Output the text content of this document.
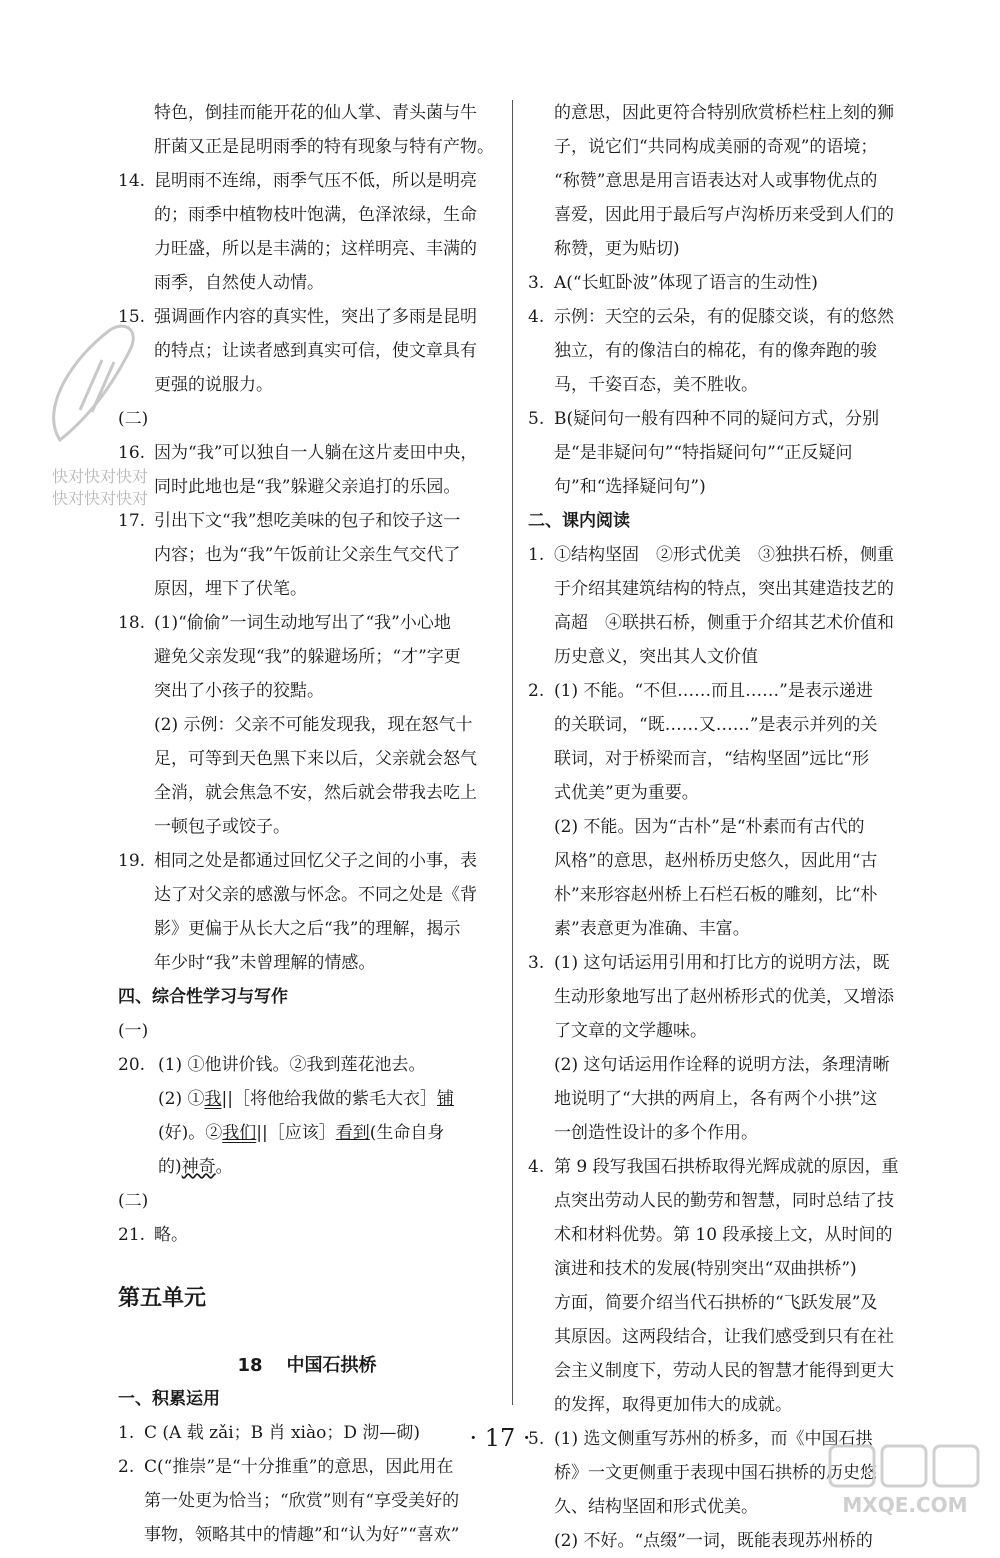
快对快对快对
快对快对快对
特色，倒挂而能开花的仙人掌、青头菌与牛
肝菌又正是昆明雨季的特有现象与特有产物。
14. 昆明雨不连绵，雨季气压不低，所以是明亮
的；雨季中植物枝叶饱满，色泽浓绿，生命
力旺盛，所以是丰满的；这样明亮、丰满的
雨季，自然使人动情。
15. 强调画作内容的真实性，突出了多雨是昆明
的特点；让读者感到真实可信，使文章具有
更强的说服力。
(二)
16. 因为“我”可以独自一人躺在这片麦田中央，
同时此地也是“我”躲避父亲追打的乐园。
17. 引出下文“我”想吃美味的包子和饺子这一
内容；也为“我”午饭前让父亲生气交代了
原因，埋下了伏笔。
18. (1)“偷偷”一词生动地写出了“我”小心地
避免父亲发现“我”的躲避场所；“才”字更
突出了小孩子的狡黠。
(2) 示例：父亲不可能发现我，现在怒气十
足，可等到天色黑下来以后，父亲就会怒气
全消，就会焦急不安，然后就会带我去吃上
一顿包子或饺子。
19. 相同之处是都通过回忆父子之间的小事，表
达了对父亲的感激与怀念。不同之处是《背
影》更偏于从长大之后“我”的理解，揭示
年少时“我”未曾理解的情感。
四、综合性学习与写作
(一)
20. (1) ①他讲价钱。②我到莲花池去。
(2) ①我||［将他给我做的紫毛大衣］铺
(好)。②我们||［应该］看到(生命自身
的)神奇。
(二)
21. 略。
第五单元
18 中国石拱桥
一、积累运用
1. C (A 载 zǎi；B 肖 xiào；D 沏—砌)
2. C(“推崇”是“十分推重”的意思，因此用在
第一处更为恰当；“欣赏”则有“享受美好的
事物，领略其中的情趣”和“认为好”“喜欢”
的意思，因此更符合特别欣赏桥栏柱上刻的狮
子，说它们“共同构成美丽的奇观”的语境；
“称赞”意思是用言语表达对人或事物优点的
喜爱，因此用于最后写卢沟桥历来受到人们的
称赞，更为贴切)
3. A(“长虹卧波”体现了语言的生动性)
4. 示例：天空的云朵，有的促膝交谈，有的悠然
独立，有的像洁白的棉花，有的像奔跑的骏
马，千姿百态，美不胜收。
5. B(疑问句一般有四种不同的疑问方式，分别
是“是非疑问句”“特指疑问句”“正反疑问
句”和“选择疑问句”)
二、课内阅读
1. ①结构坚固　②形式优美　③独拱石桥，侧重
于介绍其建筑结构的特点，突出其建造技艺的
高超　④联拱石桥，侧重于介绍其艺术价值和
历史意义，突出其人文价值
2. (1) 不能。“不但……而且……”是表示递进
的关联词，“既……又……”是表示并列的关
联词，对于桥梁而言，“结构坚固”远比“形
式优美”更为重要。
(2) 不能。因为“古朴”是“朴素而有古代的
风格”的意思，赵州桥历史悠久，因此用“古
朴”来形容赵州桥上石栏石板的雕刻，比“朴
素”表意更为准确、丰富。
3. (1) 这句话运用引用和打比方的说明方法，既
生动形象地写出了赵州桥形式的优美，又增添
了文章的文学趣味。
(2) 这句话运用作诠释的说明方法，条理清晰
地说明了“大拱的两肩上，各有两个小拱”这
一创造性设计的多个作用。
4. 第 9 段写我国石拱桥取得光辉成就的原因，重
点突出劳动人民的勤劳和智慧，同时总结了技
术和材料优势。第 10 段承接上文，从时间的
演进和技术的发展(特别突出“双曲拱桥”)
方面，简要介绍当代石拱桥的“飞跃发展”及
其原因。这两段结合，让我们感受到只有在社
会主义制度下，劳动人民的智慧才能得到更大
的发挥，取得更加伟大的成就。
5. (1) 选文侧重写苏州的桥多，而《中国石拱
桥》一文更侧重于表现中国石拱桥的历史悠
久、结构坚固和形式优美。
(2) 不好。“点缀”一词，既能表现苏州桥的
· 17 ·
MXQE.COM
